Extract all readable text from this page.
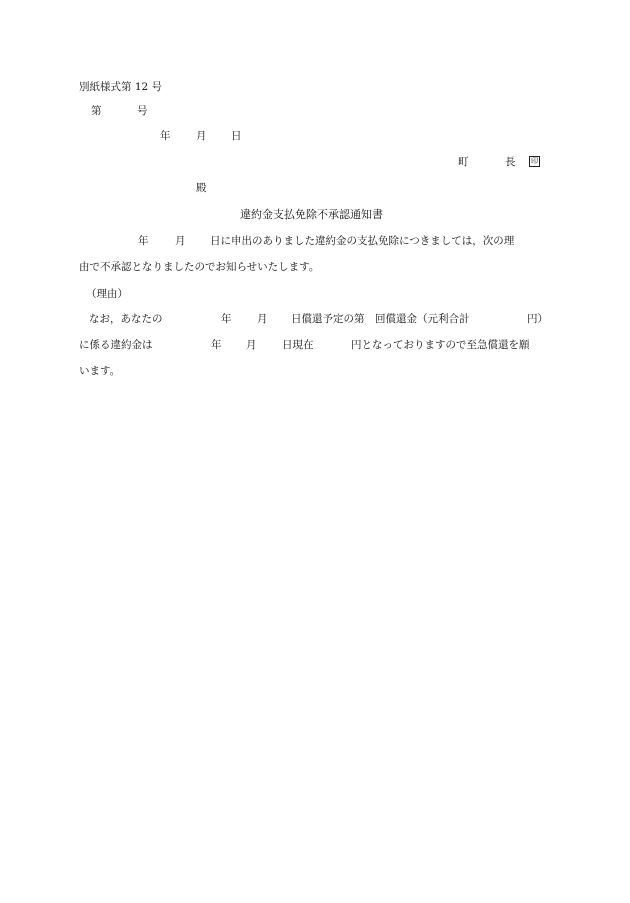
別紙様式第 12 号
第	号
年 月 日
町	長	印
殿
違約金支払免除不承認通知書
年	月 日に申出のありました違約金の支払免除につきましては，次の理
由で不承認となりましたのでお知らせいたします。
（理由）
なお，あなたの	年 月 日償還予定の第　回償還金（元利合計	円）
に係る違約金は	年 月 日現在	円となっておりますので至急償還を願
います。
